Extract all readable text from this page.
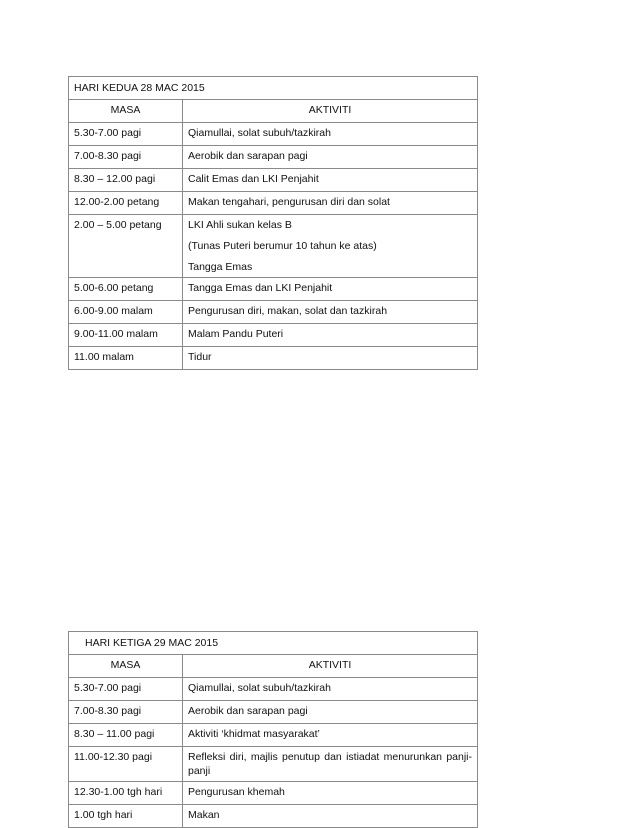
HARI KEDUA 28 MAC 2015	
MASA	AKTIVITI
5.30-7.00 pagi	Qiamullai, solat subuh/tazkirah
7.00-8.30 pagi	Aerobik dan sarapan pagi
8.30 – 12.00 pagi	Calit Emas dan LKI Penjahit
12.00-2.00 petang	Makan tengahari, pengurusan diri dan solat
2.00 – 5.00 petang	LKI Ahli sukan kelas B
(Tunas Puteri berumur 10 tahun ke atas)
Tangga Emas

5.00-6.00 petang	Tangga Emas dan LKI Penjahit
6.00-9.00 malam	Pengurusan diri, makan, solat dan tazkirah
9.00-11.00 malam	Malam Pandu Puteri
11.00 malam	Tidur
HARI KETIGA 29 MAC 2015	
MASA	AKTIVITI
5.30-7.00 pagi	Qiamullai, solat subuh/tazkirah
7.00-8.30 pagi	Aerobik dan sarapan pagi
8.30 – 11.00 pagi	Aktiviti ‘khidmat masyarakat’
11.00-12.30 pagi	Refleksi diri, majlis penutup dan istiadat menurunkan panji-panji
12.30-1.00 tgh hari	Pengurusan khemah
1.00 tgh hari	Makan
